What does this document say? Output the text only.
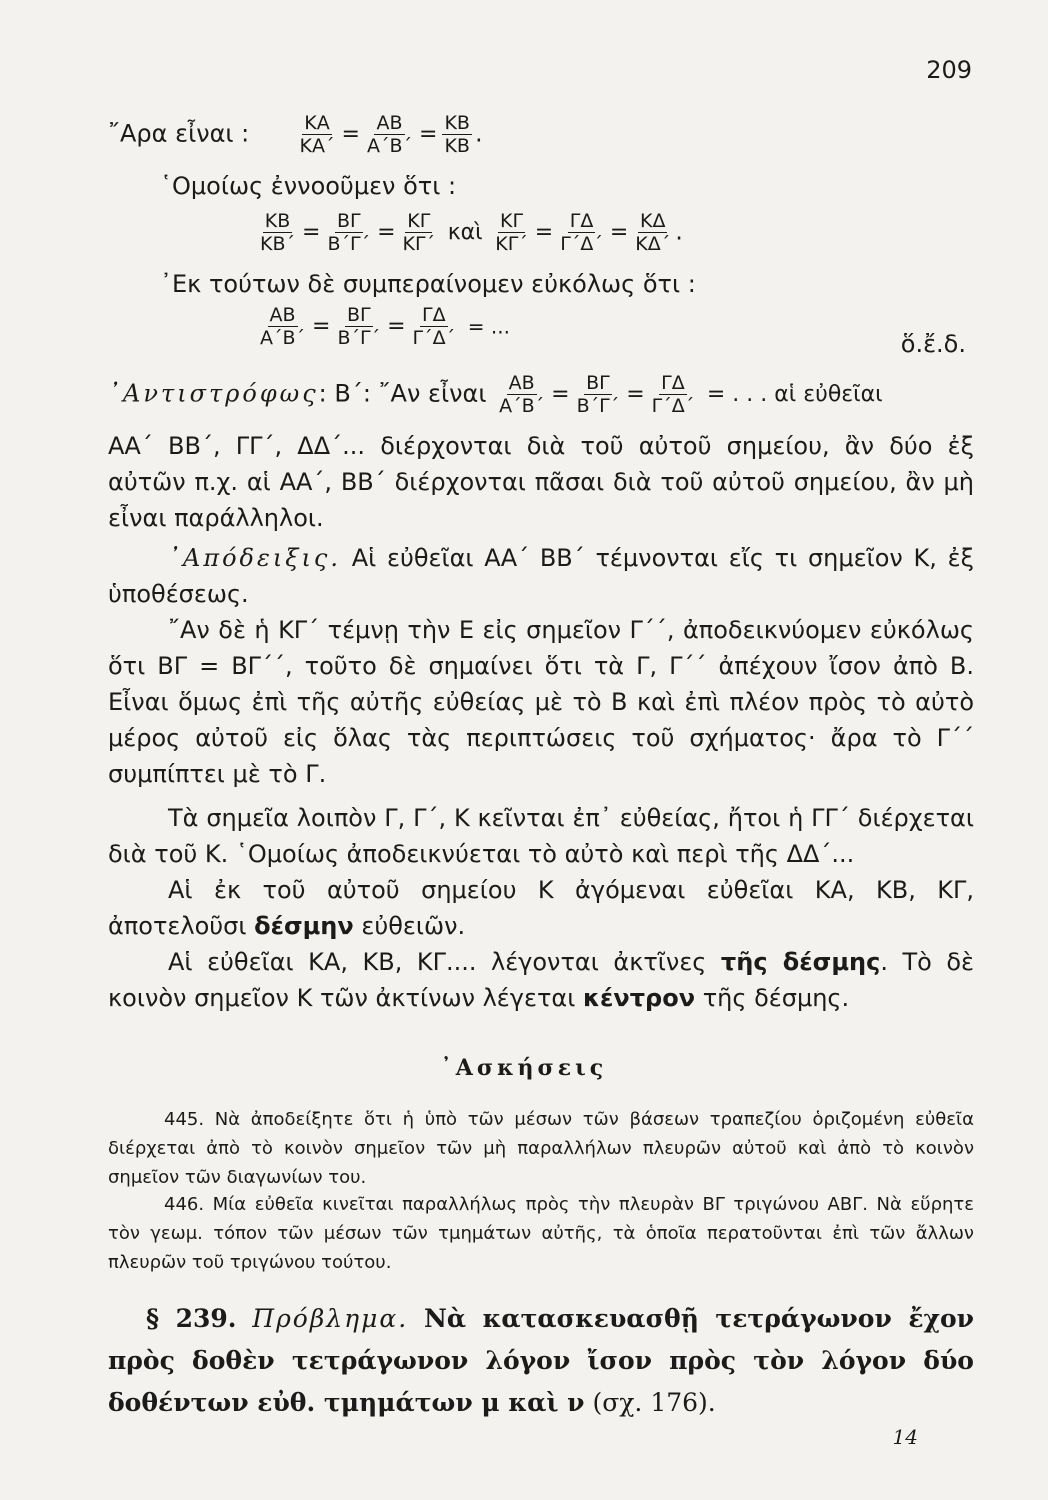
209
῎Αρα εἶναι :	$\frac{KA}{KA΄} = \frac{AB}{A΄B΄} = \frac{KB}{KB}$ .
῾Ομοίως ἐννοοῦμεν ὅτι :
$\frac{KB}{KB΄} = \frac{B\Gamma}{B΄\Gamma΄} = \frac{K\Gamma}{K\Gamma΄}$ καὶ $\frac{K\Gamma}{K\Gamma΄} = \frac{\Gamma\Delta}{\Gamma΄\Delta΄} = \frac{K\Delta}{K\Delta΄}$ .
᾽Εκ τούτων δὲ συμπεραίνομεν εὐκόλως ὅτι :
$\frac{AB}{A΄B΄} = \frac{B\Gamma}{B΄\Gamma΄} = \frac{\Gamma\Delta}{\Gamma΄\Delta΄}$ = ...
ὅ.ἔ.δ.
᾽Αντιστρόφως: Β΄: ῎Αν εἶναι $\frac{AB}{A΄B΄} = \frac{B\Gamma}{B΄\Gamma΄} = \frac{\Gamma\Delta}{\Gamma΄\Delta΄}$ = . . . αἱ εὐθεῖαι
ΑΑ΄ ΒΒ΄, ΓΓ΄, ΔΔ΄... διέρχονται διὰ τοῦ αὐτοῦ σημείου, ἂν δύο ἐξ αὐτῶν π.χ. αἱ ΑΑ΄, ΒΒ΄ διέρχονται πᾶσαι διὰ τοῦ αὐτοῦ σημείου, ἂν μὴ εἶναι παράλληλοι.
᾽Απόδειξις. Αἱ εὐθεῖαι ΑΑ΄ ΒΒ΄ τέμνονται εἴς τι σημεῖον Κ, ἐξ ὑποθέσεως.
῎Αν δὲ ἡ ΚΓ΄ τέμνῃ τὴν Ε εἰς σημεῖον Γ΄΄, ἀποδεικνύομεν εὐκόλως ὅτι ΒΓ = ΒΓ΄΄, τοῦτο δὲ σημαίνει ὅτι τὰ Γ, Γ΄΄ ἀπέχουν ἴσον ἀπὸ Β. Εἶναι ὅμως ἐπὶ τῆς αὐτῆς εὐθείας μὲ τὸ Β καὶ ἐπὶ πλέον πρὸς τὸ αὐτὸ μέρος αὐτοῦ εἰς ὅλας τὰς περιπτώσεις τοῦ σχήματος· ἄρα τὸ Γ΄΄ συμπίπτει μὲ τὸ Γ.
Τὰ σημεῖα λοιπὸν Γ, Γ΄, Κ κεῖνται ἐπ᾽ εὐθείας, ἤτοι ἡ ΓΓ΄ διέρχεται διὰ τοῦ Κ. ῾Ομοίως ἀποδεικνύεται τὸ αὐτὸ καὶ περὶ τῆς ΔΔ΄...
Αἱ ἐκ τοῦ αὐτοῦ σημείου Κ ἀγόμεναι εὐθεῖαι ΚΑ, ΚΒ, ΚΓ, ἀποτελοῦσι δέσμην εὐθειῶν.
Αἱ εὐθεῖαι ΚΑ, ΚΒ, ΚΓ.... λέγονται ἀκτῖνες τῆς δέσμης. Τὸ δὲ κοινὸν σημεῖον Κ τῶν ἀκτίνων λέγεται κέντρον τῆς δέσμης.
᾽Ασκήσεις
445. Νὰ ἀποδείξητε ὅτι ἡ ὑπὸ τῶν μέσων τῶν βάσεων τραπεζίου ὁριζομένη εὐθεῖα διέρχεται ἀπὸ τὸ κοινὸν σημεῖον τῶν μὴ παραλλήλων πλευρῶν αὐτοῦ καὶ ἀπὸ τὸ κοινὸν σημεῖον τῶν διαγωνίων του.
446. Μία εὐθεῖα κινεῖται παραλλήλως πρὸς τὴν πλευρὰν ΒΓ τριγώνου ΑΒΓ. Νὰ εὕρητε τὸν γεωμ. τόπον τῶν μέσων τῶν τμημάτων αὐτῆς, τὰ ὁποῖα περατοῦνται ἐπὶ τῶν ἄλλων πλευρῶν τοῦ τριγώνου τούτου.
§ 239. Πρόβλημα. Νὰ κατασκευασθῇ τετράγωνον ἔχον πρὸς δοθὲν τετράγωνον λόγον ἴσον πρὸς τὸν λόγον δύο δοθέντων εὐθ. τμημάτων μ καὶ ν (σχ. 176).
14
